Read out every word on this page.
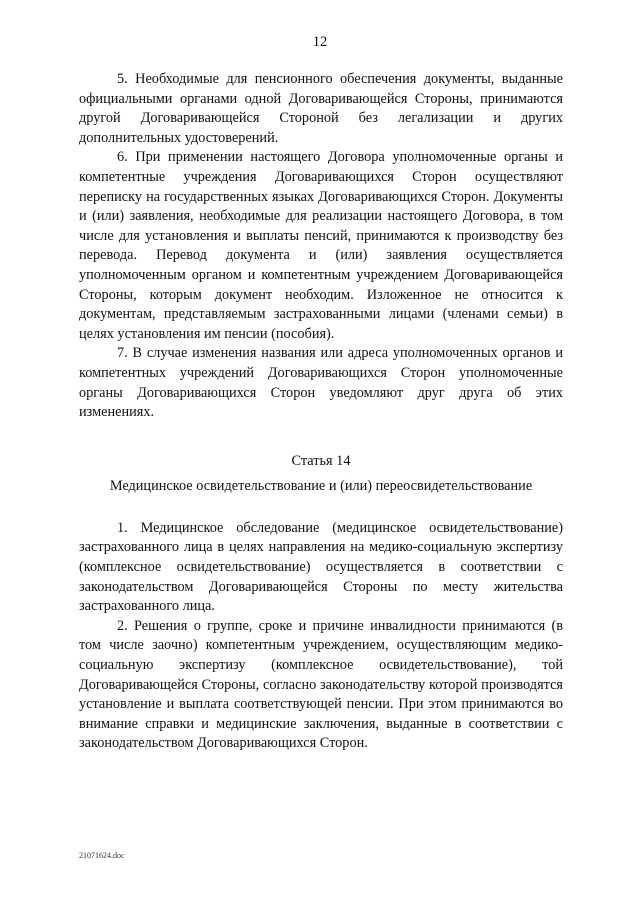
12

5. Необходимые для пенсионного обеспечения документы, выданные официальными органами одной Договаривающейся Стороны, принимаются другой Договаривающейся Стороной без легализации и других дополнительных удостоверений.

6. При применении настоящего Договора уполномоченные органы и компетентные учреждения Договаривающихся Сторон осуществляют переписку на государственных языках Договаривающихся Сторон. Документы и (или) заявления, необходимые для реализации настоящего Договора, в том числе для установления и выплаты пенсий, принимаются к производству без перевода. Перевод документа и (или) заявления осуществляется уполномоченным органом и компетентным учреждением Договаривающейся Стороны, которым документ необходим. Изложенное не относится к документам, представляемым застрахованными лицами (членами семьи) в целях установления им пенсии (пособия).

7. В случае изменения названия или адреса уполномоченных органов и компетентных учреждений Договаривающихся Сторон уполномоченные органы Договаривающихся Сторон уведомляют друг друга об этих изменениях.

Статья 14
Медицинское освидетельствование и (или) переосвидетельствование

1. Медицинское обследование (медицинское освидетельствование) застрахованного лица в целях направления на медико-социальную экспертизу (комплексное освидетельствование) осуществляется в соответствии с законодательством Договаривающейся Стороны по месту жительства застрахованного лица.

2. Решения о группе, сроке и причине инвалидности принимаются (в том числе заочно) компетентным учреждением, осуществляющим медико-социальную экспертизу (комплексное освидетельствование), той Договаривающейся Стороны, согласно законодательству которой производятся установление и выплата соответствующей пенсии. При этом принимаются во внимание справки и медицинские заключения, выданные в соответствии с законодательством Договаривающихся Сторон.

21071624.doc
